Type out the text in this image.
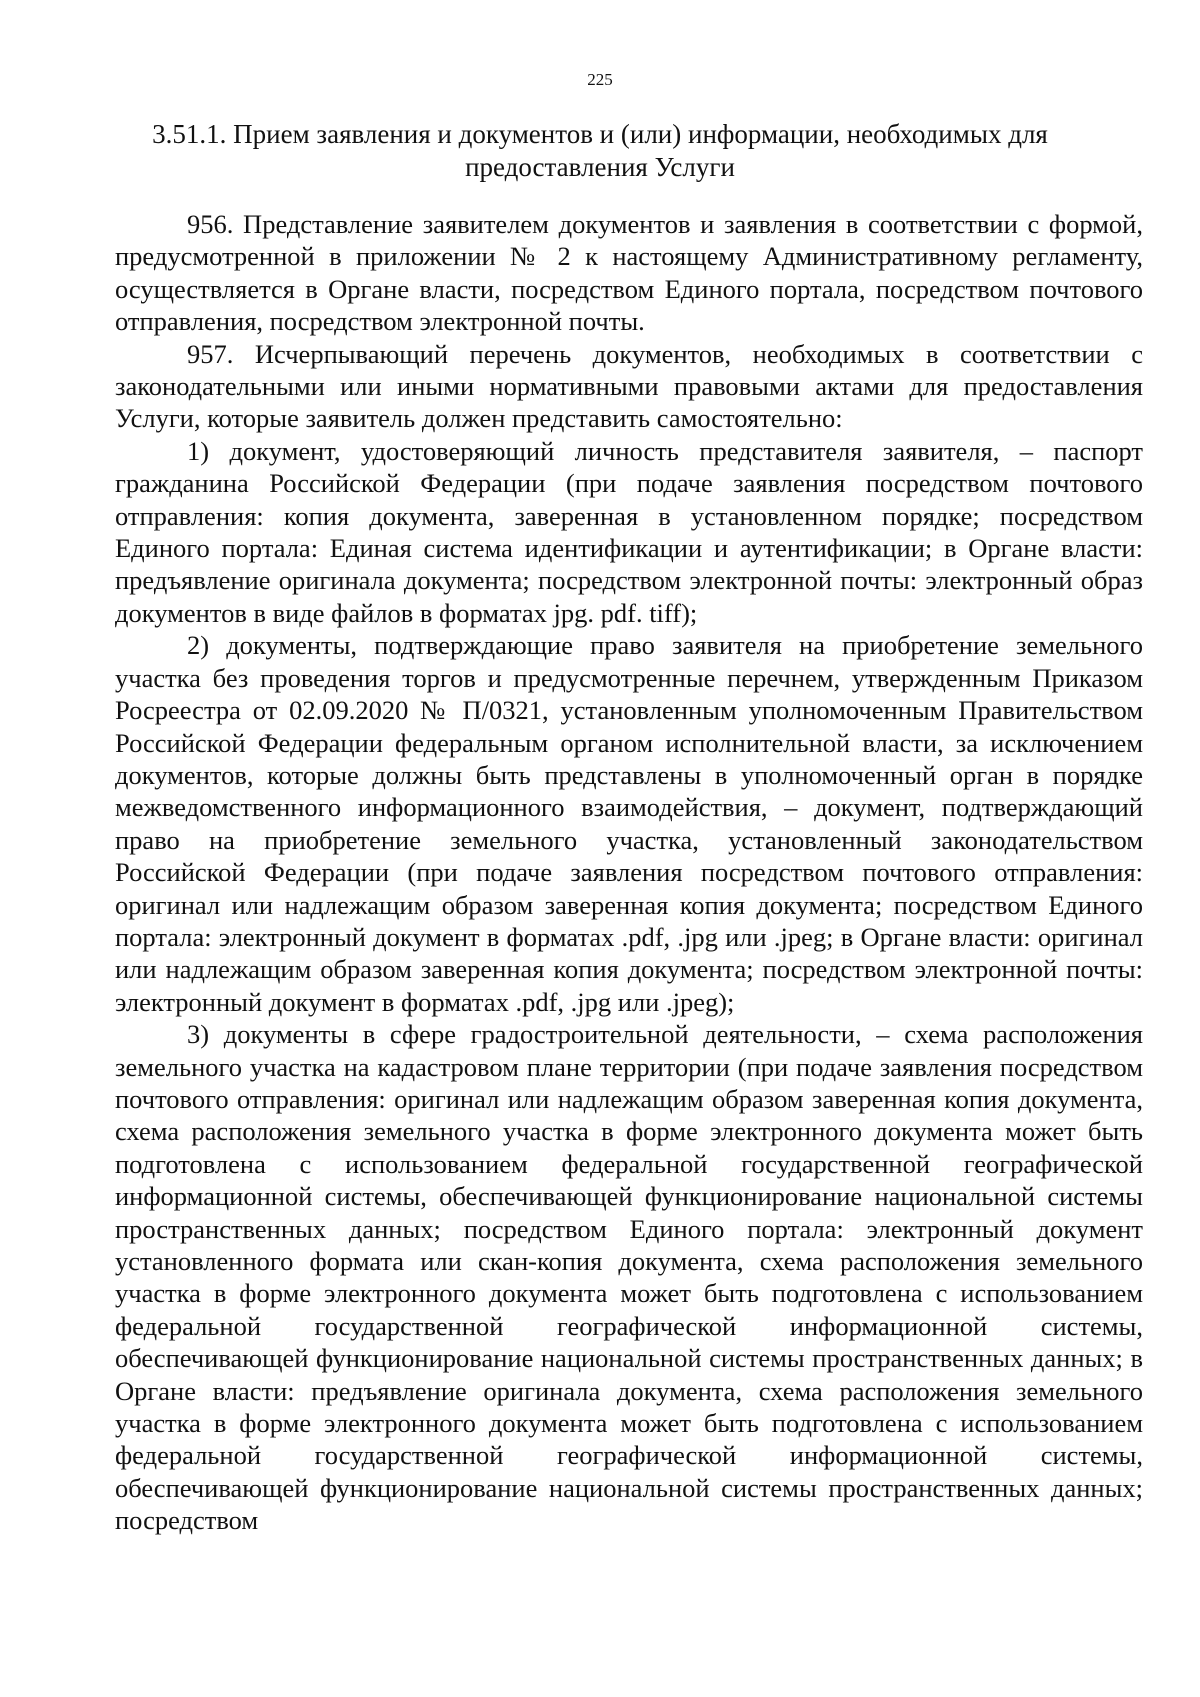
225
3.51.1. Прием заявления и документов и (или) информации, необходимых для предоставления Услуги

956. Представление заявителем документов и заявления в соответствии с формой, предусмотренной в приложении № 2 к настоящему Административному регламенту, осуществляется в Органе власти, посредством Единого портала, посредством почтового отправления, посредством электронной почты.

957. Исчерпывающий перечень документов, необходимых в соответствии с законодательными или иными нормативными правовыми актами для предоставления Услуги, которые заявитель должен представить самостоятельно:

1) документ, удостоверяющий личность представителя заявителя, – паспорт гражданина Российской Федерации (при подаче заявления посредством почтового отправления: копия документа, заверенная в установленном порядке; посредством Единого портала: Единая система идентификации и аутентификации; в Органе власти: предъявление оригинала документа; посредством электронной почты: электронный образ документов в виде файлов в форматах jpg. pdf. tiff);

2) документы, подтверждающие право заявителя на приобретение земельного участка без проведения торгов и предусмотренные перечнем, утвержденным Приказом Росреестра от 02.09.2020 № П/0321, установленным уполномоченным Правительством Российской Федерации федеральным органом исполнительной власти, за исключением документов, которые должны быть представлены в уполномоченный орган в порядке межведомственного информационного взаимодействия, – документ, подтверждающий право на приобретение земельного участка, установленный законодательством Российской Федерации (при подаче заявления посредством почтового отправления: оригинал или надлежащим образом заверенная копия документа; посредством Единого портала: электронный документ в форматах .pdf, .jpg или .jpeg; в Органе власти: оригинал или надлежащим образом заверенная копия документа; посредством электронной почты: электронный документ в форматах .pdf, .jpg или .jpeg);

3) документы в сфере градостроительной деятельности, – схема расположения земельного участка на кадастровом плане территории (при подаче заявления посредством почтового отправления: оригинал или надлежащим образом заверенная копия документа, схема расположения земельного участка в форме электронного документа может быть подготовлена с использованием федеральной государственной географической информационной системы, обеспечивающей функционирование национальной системы пространственных данных; посредством Единого портала: электронный документ установленного формата или скан-копия документа, схема расположения земельного участка в форме электронного документа может быть подготовлена с использованием федеральной государственной географической информационной системы, обеспечивающей функционирование национальной системы пространственных данных; в Органе власти: предъявление оригинала документа, схема расположения земельного участка в форме электронного документа может быть подготовлена с использованием федеральной государственной географической информационной системы, обеспечивающей функционирование национальной системы пространственных данных; посредством
